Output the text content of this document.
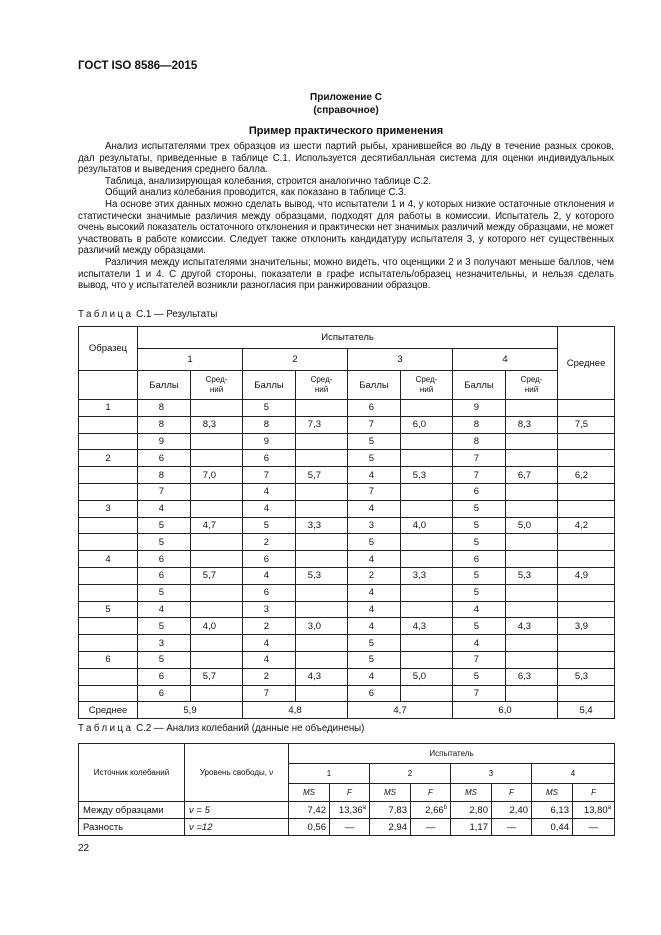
ГОСТ ISO 8586—2015
Приложение С
(справочное)
Пример практического применения

Анализ испытателями трех образцов из шести партий рыбы, хранившейся во льду в течение разных сроков, дал результаты, приведенные в таблице С.1. Используется десятибалльная система для оценки индивидуальных результатов и выведения среднего балла.

Таблица, анализирующая колебания, строится аналогично таблице С.2.

Общий анализ колебания проводится, как показано в таблице С.3.

На основе этих данных можно сделать вывод, что испытатели 1 и 4, у которых низкие остаточные отклонения и статистически значимые различия между образцами, подходят для работы в комиссии. Испытатель 2, у которого очень высокий показатель остаточного отклонения и практически нет значимых различий между образцами, не может участвовать в работе комиссии. Следует также отклонить кандидатуру испытателя 3, у которого нет существенных различий между образцами.

Различия между испытателями значительны; можно видеть, что оценщики 2 и 3 получают меньше баллов, чем испытатели 1 и 4. С другой стороны, показатели в графе испытатель/образец незначительны, и нельзя сделать вывод, что у испытателей возникли разногласия при ранжировании образцов.

Таблица С.1 — Результаты
Образец	Испытатель								Среднее
	1		2		3		4		
	Баллы	Сред-
ний	Баллы	Сред-
ний	Баллы	Сред-
ний	Баллы	Сред-
ний	
1	8		5		6		9		
	8	8,3	8	7,3	7	6,0	8	8,3	7,5
	9		9		5		8		
2	6		6		5		7		
	8	7,0	7	5,7	4	5,3	7	6,7	6,2
	7		4		7		6		
3	4		4		4		5		
	5	4,7	5	3,3	3	4,0	5	5,0	4,2
	5		2		5		5		
4	6		6		4		6		
	6	5,7	4	5,3	2	3,3	5	5,3	4,9
	5		6		4		5		
5	4		3		4		4		
	5	4,0	2	3,0	4	4,3	5	4,3	3,9
	3		4		5		4		
6	5		4		5		7		
	6	5,7	2	4,3	4	5,0	5	6,3	5,3
	6		7		6		7		
Среднее	5,9		4,8		4,7		6,0		5,4
Таблица С.2 — Анализ колебаний (данные не объединены)
Источник колебаний	Уровень свободы, ν	Испытатель							
		1		2		3		4	
		MS	F	MS	F	MS	F	MS	F
Между образцами	ν = 5	7,42	13,36$^a$	7,83	2,66$^b$	2,80	2,40	6,13	13,80$^a$
Разность	ν =12	0,56	—	2,94	—	1,17	—	0,44	—
22
